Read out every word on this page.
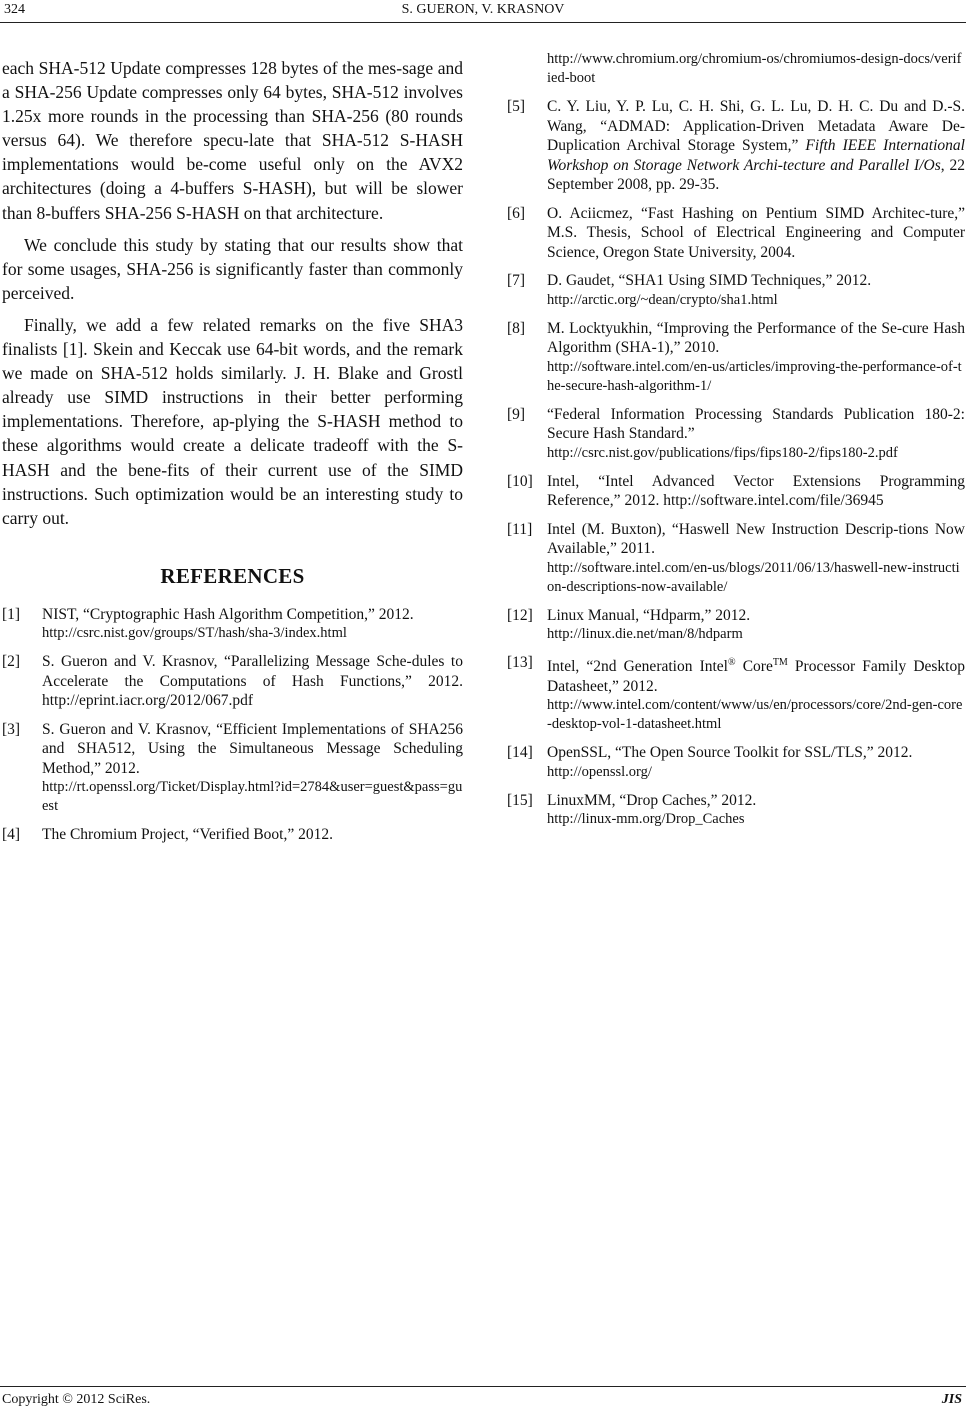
324	S. GUERON, V. KRASNOV

each SHA-512 Update compresses 128 bytes of the mes-sage and a SHA-256 Update compresses only 64 bytes, SHA-512 involves 1.25x more rounds in the processing than SHA-256 (80 rounds versus 64). We therefore specu-late that SHA-512 S-HASH implementations would be-come useful only on the AVX2 architectures (doing a 4-buffers S-HASH), but will be slower than 8-buffers SHA-256 S-HASH on that architecture.

We conclude this study by stating that our results show that for some usages, SHA-256 is significantly faster than commonly perceived.

Finally, we add a few related remarks on the five SHA3 finalists [1]. Skein and Keccak use 64-bit words, and the remark we made on SHA-512 holds similarly. J. H. Blake and Grostl already use SIMD instructions in their better performing implementations. Therefore, ap-plying the S-HASH method to these algorithms would create a delicate tradeoff with the S-HASH and the bene-fits of their current use of the SIMD instructions. Such optimization would be an interesting study to carry out.

REFERENCES
[1]	NIST, “Cryptographic Hash Algorithm Competition,” 2012.
http://csrc.nist.gov/groups/ST/hash/sha-3/index.html
[2]	S. Gueron and V. Krasnov, “Parallelizing Message Sche-dules to Accelerate the Computations of Hash Functions,” 2012. http://eprint.iacr.org/2012/067.pdf
[3]	S. Gueron and V. Krasnov, “Efficient Implementations of SHA256 and SHA512, Using the Simultaneous Message Scheduling Method,” 2012.
http://rt.openssl.org/Ticket/Display.html?id=2784&user=guest&pass=guest
[4]	The Chromium Project, “Verified Boot,” 2012.
http://www.chromium.org/chromium-os/chromiumos-design-docs/verified-boot
[5]	C. Y. Liu, Y. P. Lu, C. H. Shi, G. L. Lu, D. H. C. Du and D.-S. Wang, “ADMAD: Application-Driven Metadata Aware De-Duplication Archival Storage System,” Fifth IEEE International Workshop on Storage Network Archi-tecture and Parallel I/Os, 22 September 2008, pp. 29-35.
[6]	O. Aciicmez, “Fast Hashing on Pentium SIMD Architec-ture,” M.S. Thesis, School of Electrical Engineering and Computer Science, Oregon State University, 2004.
[7]	D. Gaudet, “SHA1 Using SIMD Techniques,” 2012.
http://arctic.org/~dean/crypto/sha1.html
[8]	M. Locktyukhin, “Improving the Performance of the Se-cure Hash Algorithm (SHA-1),” 2010.
http://software.intel.com/en-us/articles/improving-the-performance-of-the-secure-hash-algorithm-1/
[9]	“Federal Information Processing Standards Publication 180-2: Secure Hash Standard.”
http://csrc.nist.gov/publications/fips/fips180-2/fips180-2.pdf
[10] Intel, “Intel Advanced Vector Extensions Programming Reference,” 2012. http://software.intel.com/file/36945
[11] Intel (M. Buxton), “Haswell New Instruction Descrip-tions Now Available,” 2011.
http://software.intel.com/en-us/blogs/2011/06/13/haswell-new-instruction-descriptions-now-available/
[12] Linux Manual, “Hdparm,” 2012.
http://linux.die.net/man/8/hdparm
[13] Intel, “2nd Generation Intel® Core™ Processor Family Desktop Datasheet,” 2012.
http://www.intel.com/content/www/us/en/processors/core/2nd-gen-core-desktop-vol-1-datasheet.html
[14] OpenSSL, “The Open Source Toolkit for SSL/TLS,” 2012.
http://openssl.org/
[15] LinuxMM, “Drop Caches,” 2012.
http://linux-mm.org/Drop_Caches
Copyright © 2012 SciRes.	JIS
